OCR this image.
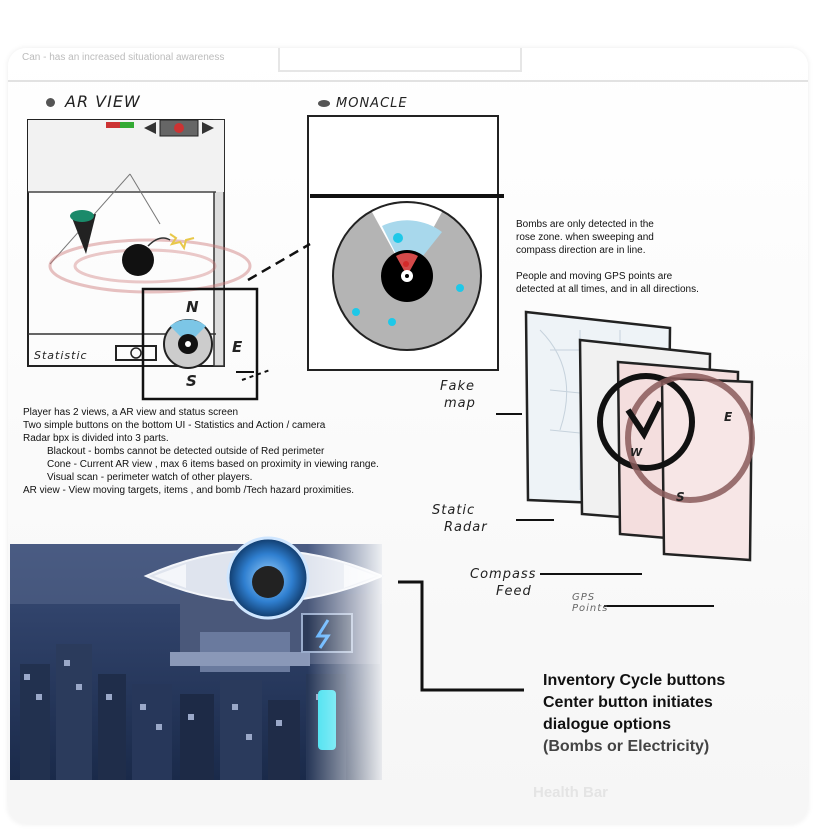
Can - has an increased situational awareness
AR VIEW
Statistic
N
S
E
MONACLE

Bombs are only detected in the

rose zone. when sweeping and

compass direction are in line.

People and moving GPS points are

detected at all times, and in all directions.

Player has 2 views, a AR view and status screen

Two simple buttons on the bottom UI - Statistics and Action / camera

Radar bpx is divided into 3 parts.

Blackout - bombs cannot be detected outside of Red perimeter

Cone - Current AR view , max 6 items based on proximity in viewing range.

Visual scan - perimeter watch of other players.

AR view - View moving targets, items , and bomb /Tech hazard proximities.

W
E
S
Fake
map
Static
Radar
Compass
Feed	GPS
Points
Inventory Cycle buttons
Center button initiates
dialogue options
(Bombs or Electricity)
Health Bar
